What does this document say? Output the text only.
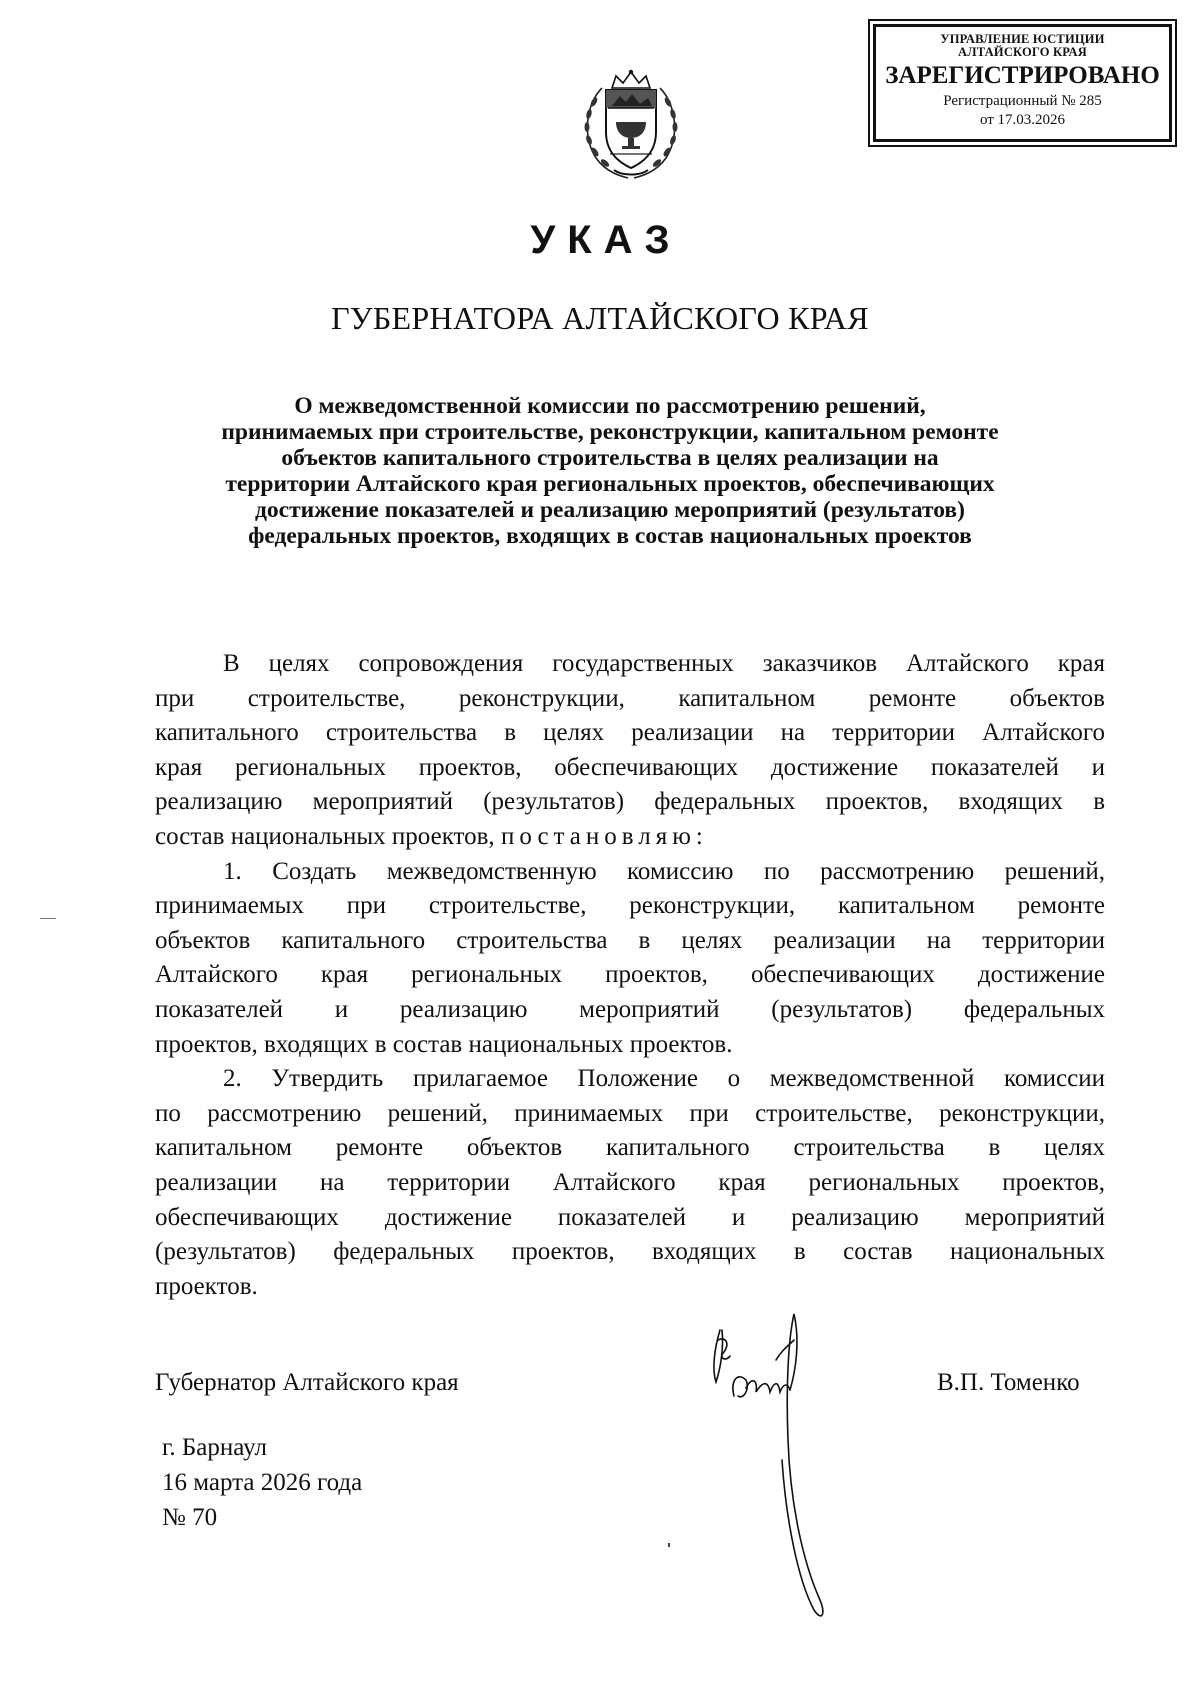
УПРАВЛЕНИЕ ЮСТИЦИИ
АЛТАЙСКОГО КРАЯ
ЗАРЕГИСТРИРОВАНО
Регистрационный № 285
от 17.03.2026
УКАЗ
ГУБЕРНАТОРА АЛТАЙСКОГО КРАЯ
О межведомственной комиссии по рассмотрению решений,
принимаемых при строительстве, реконструкции, капитальном ремонте
объектов капитального строительства в целях реализации на
территории Алтайского края региональных проектов, обеспечивающих
достижение показателей и реализацию мероприятий (результатов)
федеральных проектов, входящих в состав национальных проектов
В целях сопровождения государственных заказчиков Алтайского края
при строительстве, реконструкции, капитальном ремонте объектов
капитального строительства в целях реализации на территории Алтайского
края региональных проектов, обеспечивающих достижение показателей и
реализацию мероприятий (результатов) федеральных проектов, входящих в
состав национальных проектов, постановляю:
1. Создать межведомственную комиссию по рассмотрению решений,
принимаемых при строительстве, реконструкции, капитальном ремонте
объектов капитального строительства в целях реализации на территории
Алтайского края региональных проектов, обеспечивающих достижение
показателей и реализацию мероприятий (результатов) федеральных
проектов, входящих в состав национальных проектов.
2. Утвердить прилагаемое Положение о межведомственной комиссии
по рассмотрению решений, принимаемых при строительстве, реконструкции,
капитальном ремонте объектов капитального строительства в целях
реализации на территории Алтайского края региональных проектов,
обеспечивающих достижение показателей и реализацию мероприятий
(результатов) федеральных проектов, входящих в состав национальных
проектов.
Губернатор Алтайского края	В.П. Томенко
г. Барнаул
16 марта 2026 года
№ 70
